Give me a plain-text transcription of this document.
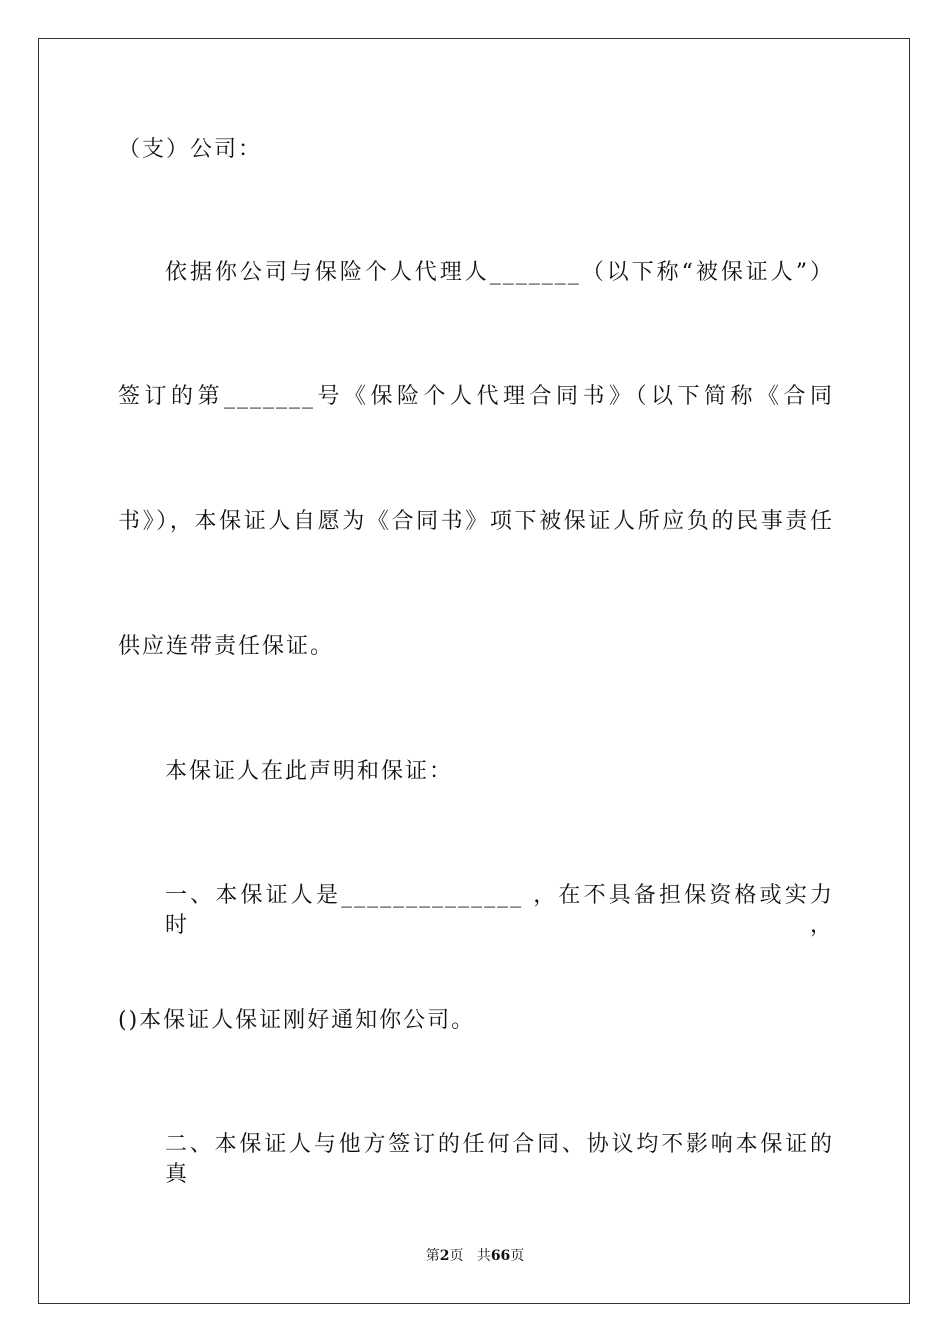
（支）公司：
依据你公司与保险个人代理人_______（以下称“被保证人”）
签订的第_______号《保险个人代理合同书》（以下简称《合同
书》），本保证人自愿为《合同书》项下被保证人所应负的民事责任
供应连带责任保证。
本保证人在此声明和保证：
一、本保证人是______________ ，在不具备担保资格或实力时，
()本保证人保证刚好通知你公司。
二、本保证人与他方签订的任何合同、协议均不影响本保证的真
第2页 共66页
